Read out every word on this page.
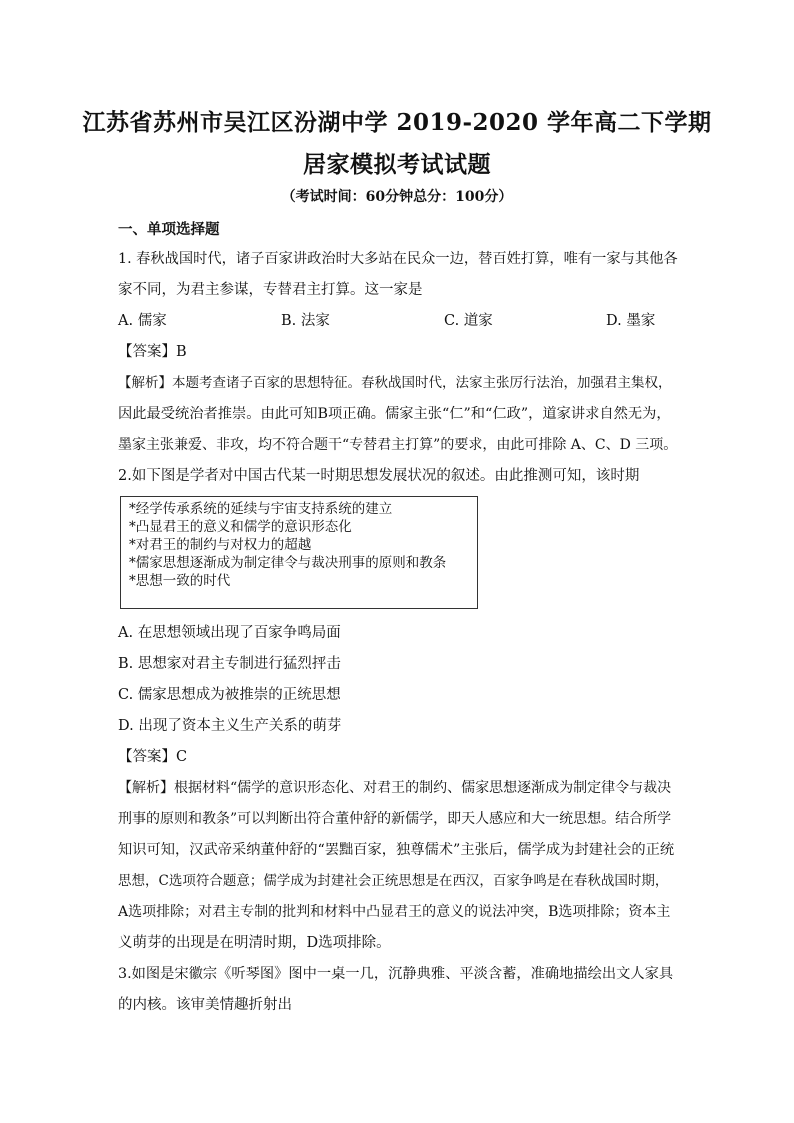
江苏省苏州市吴江区汾湖中学 2019-2020 学年高二下学期
居家模拟考试试题
（考试时间：60分钟总分：100分）
一、单项选择题
1. 春秋战国时代，诸子百家讲政治时大多站在民众一边，替百姓打算，唯有一家与其他各
家不同，为君主参谋，专替君主打算。这一家是
A. 儒家	B. 法家	C. 道家	D. 墨家
【答案】B
【解析】本题考查诸子百家的思想特征。春秋战国时代，法家主张厉行法治，加强君主集权，
因此最受统治者推崇。由此可知B项正确。儒家主张“仁”和“仁政”，道家讲求自然无为，
墨家主张兼爱、非攻，均不符合题干“专替君主打算”的要求，由此可排除 A、C、D 三项。
2.如下图是学者对中国古代某一时期思想发展状况的叙述。由此推测可知，该时期
*经学传承系统的延续与宇宙支持系统的建立
*凸显君王的意义和儒学的意识形态化
*对君王的制约与对权力的超越
*儒家思想逐渐成为制定律令与裁决刑事的原则和教条
*思想一致的时代
A. 在思想领域出现了百家争鸣局面
B. 思想家对君主专制进行猛烈抨击
C. 儒家思想成为被推崇的正统思想
D. 出现了资本主义生产关系的萌芽
【答案】C
【解析】根据材料“儒学的意识形态化、对君王的制约、儒家思想逐渐成为制定律令与裁决
刑事的原则和教条”可以判断出符合董仲舒的新儒学，即天人感应和大一统思想。结合所学
知识可知，汉武帝采纳董仲舒的“罢黜百家，独尊儒术”主张后，儒学成为封建社会的正统
思想，C选项符合题意；儒学成为封建社会正统思想是在西汉，百家争鸣是在春秋战国时期，
A选项排除；对君主专制的批判和材料中凸显君王的意义的说法冲突，B选项排除；资本主
义萌芽的出现是在明清时期，D选项排除。
3.如图是宋徽宗《听琴图》图中一桌一几，沉静典雅、平淡含蓄，准确地描绘出文人家具
的内核。该审美情趣折射出
